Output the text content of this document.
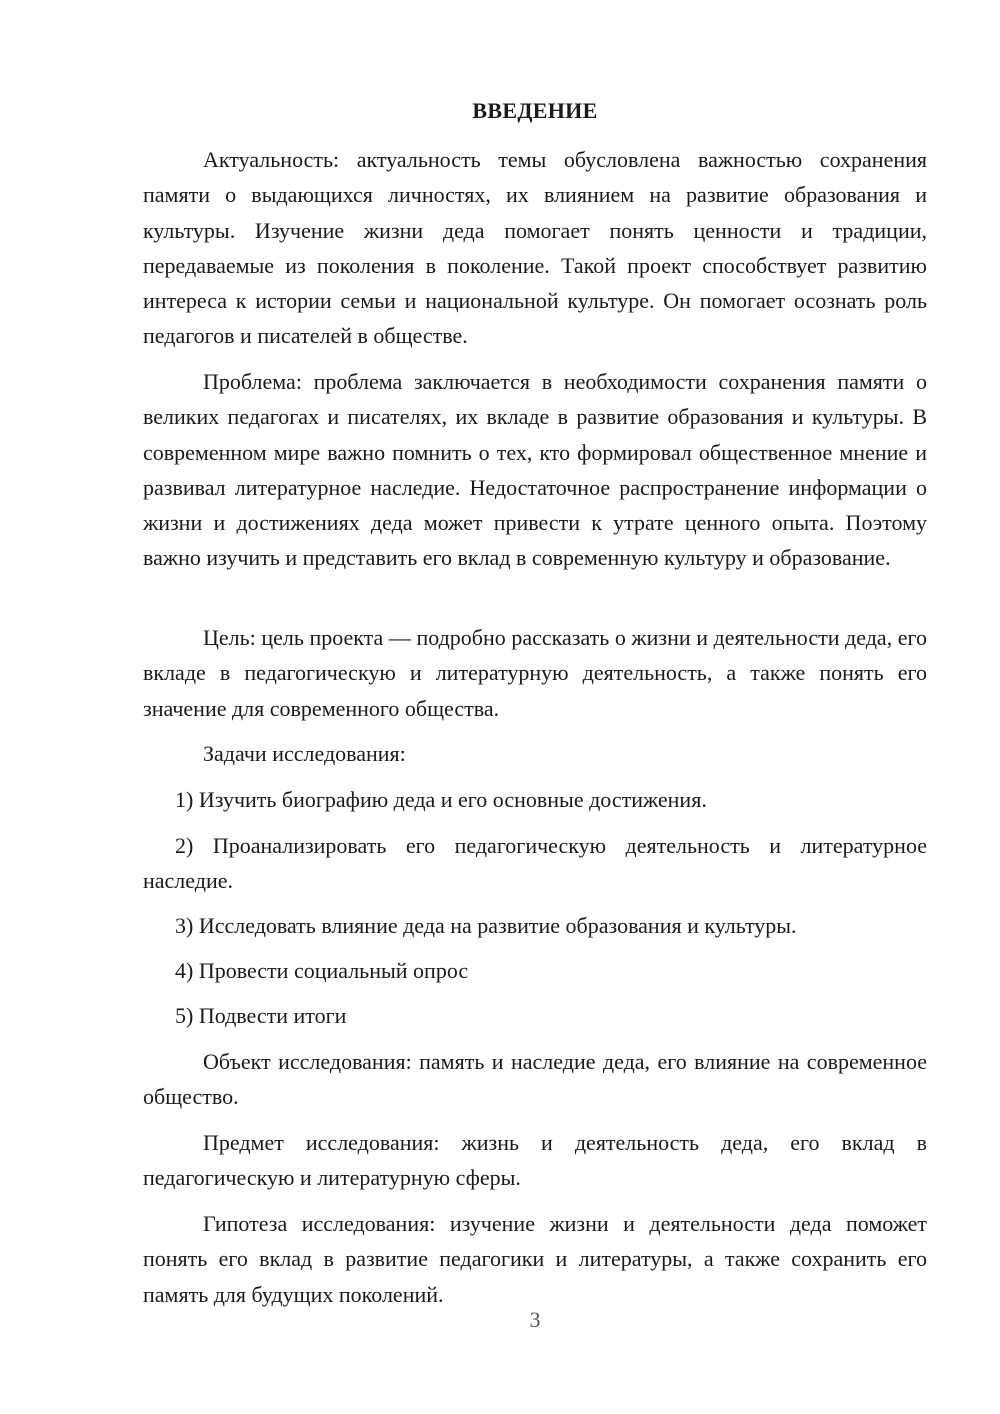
ВВЕДЕНИЕ

Актуальность: актуальность темы обусловлена важностью сохранения памяти о выдающихся личностях, их влиянием на развитие образования и культуры. Изучение жизни деда помогает понять ценности и традиции, передаваемые из поколения в поколение. Такой проект способствует развитию интереса к истории семьи и национальной культуре. Он помогает осознать роль педагогов и писателей в обществе.

Проблема: проблема заключается в необходимости сохранения памяти о великих педагогах и писателях, их вкладе в развитие образования и культуры. В современном мире важно помнить о тех, кто формировал общественное мнение и развивал литературное наследие. Недостаточное распространение информации о жизни и достижениях деда может привести к утрате ценного опыта. Поэтому важно изучить и представить его вклад в современную культуру и образование.

Цель: цель проекта — подробно рассказать о жизни и деятельности деда, его вкладе в педагогическую и литературную деятельность, а также понять его значение для современного общества.

Задачи исследования:

1) Изучить биографию деда и его основные достижения.

2) Проанализировать его педагогическую деятельность и литературное наследие.

3) Исследовать влияние деда на развитие образования и культуры.

4) Провести социальный опрос

5) Подвести итоги

Объект исследования: память и наследие деда, его влияние на современное общество.

Предмет исследования: жизнь и деятельность деда, его вклад в педагогическую и литературную сферы.

Гипотеза исследования: изучение жизни и деятельности деда поможет понять его вклад в развитие педагогики и литературы, а также сохранить его память для будущих поколений.

3
